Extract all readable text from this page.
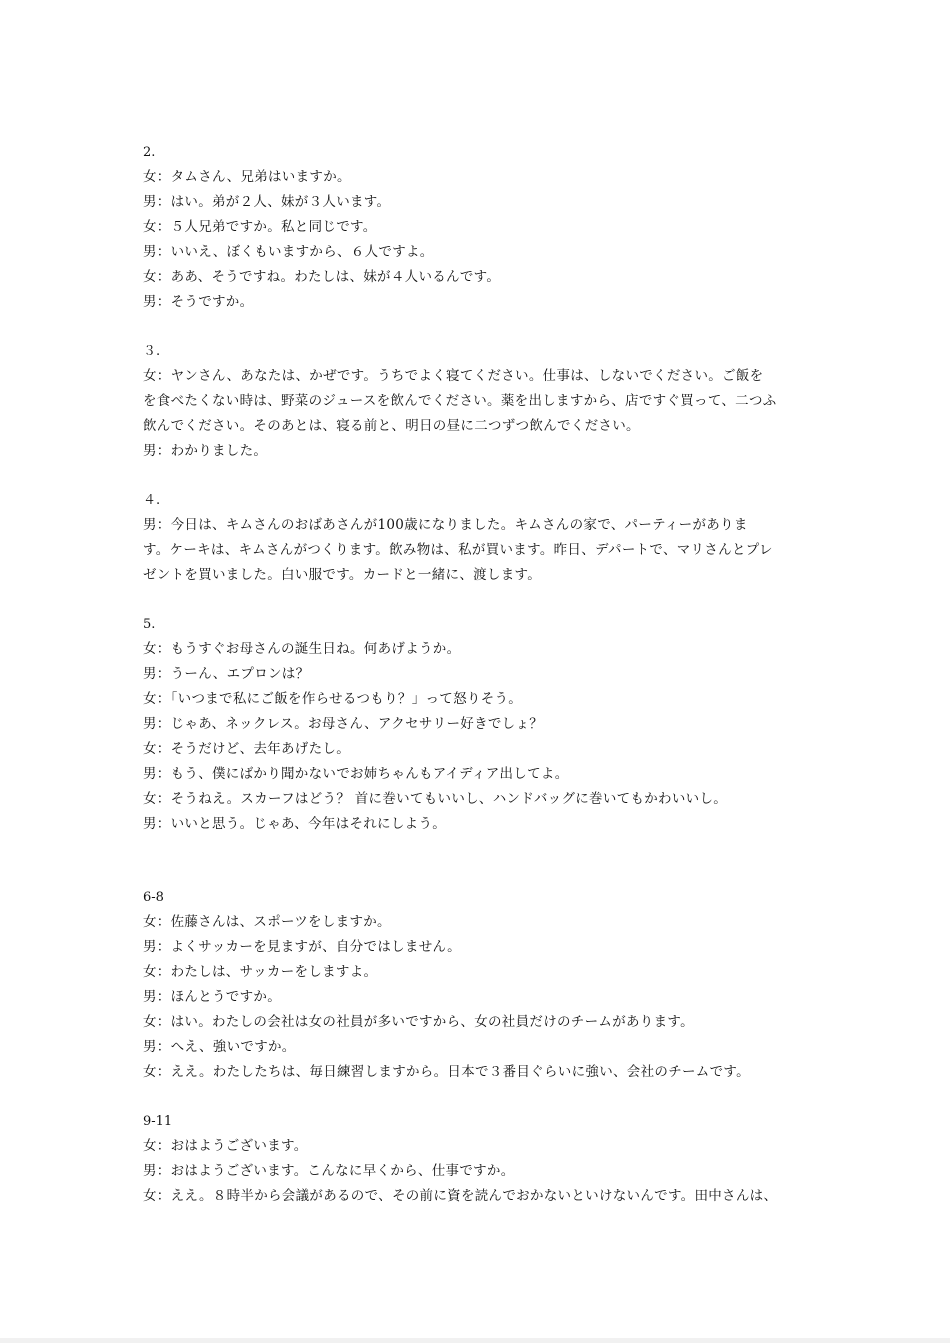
2.
女：タムさん、兄弟はいますか。
男：はい。弟が２人、妹が３人います。
女：５人兄弟ですか。私と同じです。
男：いいえ、ぼくもいますから、６人ですよ。
女：ああ、そうですね。わたしは、妹が４人いるんです。
男：そうですか。
３.
女：ヤンさん、あなたは、かぜです。うちでよく寝てください。仕事は、しないでください。ご飯を
を食べたくない時は、野菜のジュースを飲んでください。薬を出しますから、店ですぐ買って、二つふ
飲んでください。そのあとは、寝る前と、明日の昼に二つずつ飲んでください。
男：わかりました。
４.
男：今日は、キムさんのおばあさんが100歳になりました。キムさんの家で、パーティーがありま
す。ケーキは、キムさんがつくります。飲み物は、私が買います。昨日、デパートで、マリさんとプレ
ゼントを買いました。白い服です。カードと一緒に、渡します。
5.
女：もうすぐお母さんの誕生日ね。何あげようか。
男：うーん、エプロンは？
女：「いつまで私にご飯を作らせるつもり？」って怒りそう。
男：じゃあ、ネックレス。お母さん、アクセサリー好きでしょ？
女：そうだけど、去年あげたし。
男：もう、僕にばかり聞かないでお姉ちゃんもアイディア出してよ。
女：そうねえ。スカーフはどう？ 首に巻いてもいいし、ハンドバッグに巻いてもかわいいし。
男：いいと思う。じゃあ、今年はそれにしよう。
6-8
女：佐藤さんは、スポーツをしますか。
男：よくサッカーを見ますが、自分ではしません。
女：わたしは、サッカーをしますよ。
男：ほんとうですか。
女：はい。わたしの会社は女の社員が多いですから、女の社員だけのチームがあります。
男：へえ、強いですか。
女：ええ。わたしたちは、毎日練習しますから。日本で３番目ぐらいに強い、会社のチームです。
9-11
女：おはようございます。
男：おはようございます。こんなに早くから、仕事ですか。
女：ええ。８時半から会議があるので、その前に資を読んでおかないといけないんです。田中さんは、
